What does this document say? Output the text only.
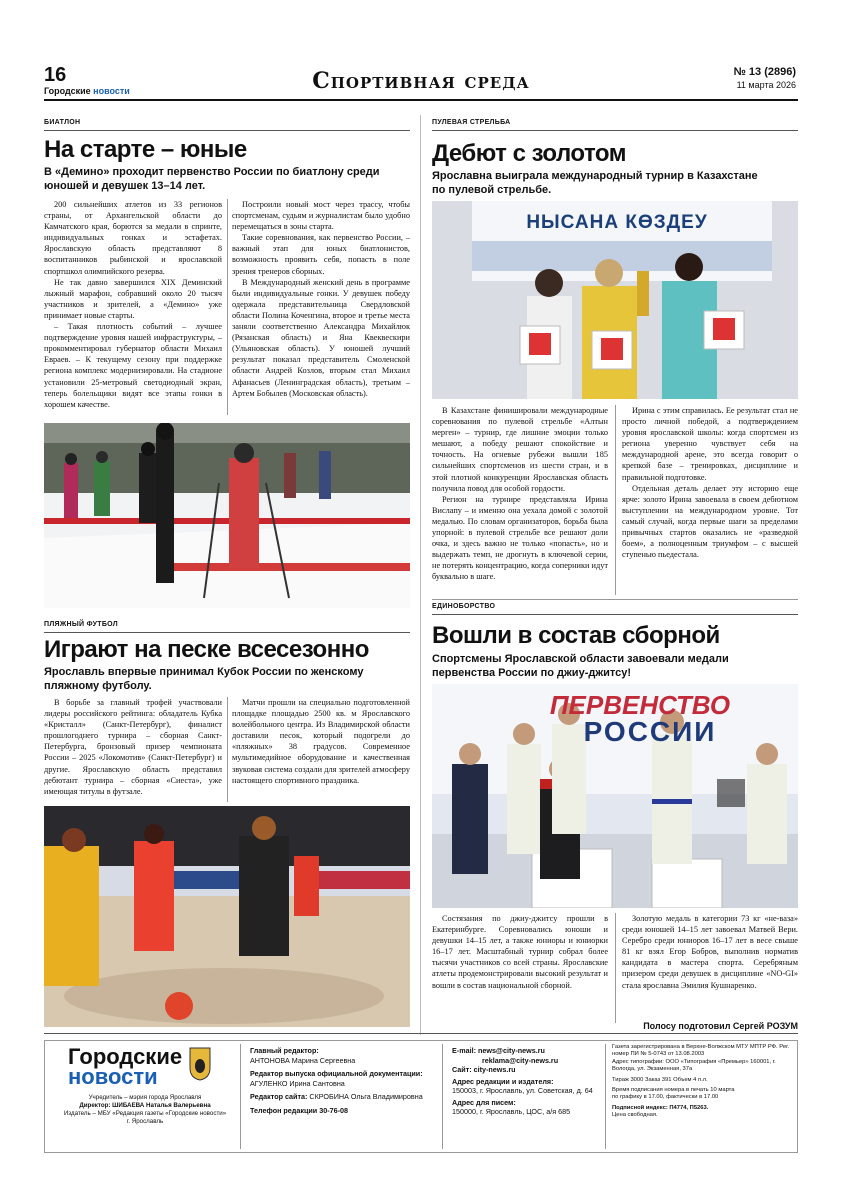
16
Городские новости	Спортивная среда	№ 13 (2896)
11 марта 2026
БИАТЛОН
На старте – юные
В «Демино» проходит первенство России по биатлону среди юношей и девушек 13–14 лет.

200 сильнейших атлетов из 33 регионов страны, от Архангельской области до Камчатского края, борются за медали в спринте, индивидуальных гонках и эстафетах. Ярославскую область представляют 8 воспитанников рыбинской и ярославской спортшкол олимпийского резерва.

Не так давно завершился XIX Деминский лыжный марафон, собравший около 20 тысяч участников и зрителей, а «Демино» уже принимает новые старты.

– Такая плотность событий – лучшее подтверждение уровня нашей инфраструктуры, – прокомментировал губернатор области Михаил Евраев. – К текущему сезону при поддержке региона комплекс модернизировали. На стадионе установили 25-метровый светодиодный экран, теперь болельщики видят все этапы гонки в хорошем качестве.

Построили новый мост через трассу, чтобы спортсменам, судьям и журналистам было удобно перемещаться в зоны старта.

Такие соревнования, как первенство России, – важный этап для юных биатлонистов, возможность проявить себя, попасть в поле зрения тренеров сборных.

В Международный женский день в программе были индивидуальные гонки. У девушек победу одержала представительница Свердловской области Полина Коченгина, второе и третье места заняли соответственно Александра Михайлюк (Рязанская область) и Яна Квеквескири (Ульяновская область). У юношей лучший результат показал представитель Смоленской области Андрей Козлов, вторым стал Михаил Афанасьев (Ленинградская область), третьим – Артем Бобылев (Московская область).

ПУЛЕВАЯ СТРЕЛЬБА
Дебют с золотом
Ярославна выиграла международный турнир в Казахстане по пулевой стрельбе.
НЫСАНА КӨЗДЕУ

В Казахстане финишировали международные соревнования по пулевой стрельбе «Алтын мерген» – турнир, где лишние эмоции только мешают, а победу решают спокойствие и точность. На огневые рубежи вышли 185 сильнейших спортсменов из шести стран, и в этой плотной конкуренции Ярославская область получила повод для особой гордости.

Регион на турнире представляла Ирина Вислапу – и именно она уехала домой с золотой медалью. По словам организаторов, борьба была упорной: в пулевой стрельбе все решают доли очка, и здесь важно не только «попасть», но и выдержать темп, не дрогнуть в ключевой серии, не потерять концентрацию, когда соперники идут буквально в шаге.

Ирина с этим справилась. Ее результат стал не просто личной победой, а подтверждением уровня ярославской школы: когда спортсмен из региона уверенно чувствует себя на международной арене, это всегда говорит о крепкой базе – тренировках, дисциплине и правильной подготовке.

Отдельная деталь делает эту историю еще ярче: золото Ирина завоевала в своем дебютном выступлении на международном уровне. Тот самый случай, когда первые шаги за пределами привычных стартов оказались не «разведкой боем», а полноценным триумфом – с высшей ступенью пьедестала.

ПЛЯЖНЫЙ ФУТБОЛ
Играют на песке всесезонно
Ярославль впервые принимал Кубок России по женскому пляжному футболу.

В борьбе за главный трофей участвовали лидеры российского рейтинга: обладатель Кубка «Кристалл» (Санкт-Петербург), финалист прошлогоднего турнира – сборная Санкт-Петербурга, бронзовый призер чемпионата России – 2025 «Локомотив» (Санкт-Петербург) и другие. Ярославскую область представил дебютант турнира – сборная «Сиеста», уже имеющая титулы в футзале.

Матчи прошли на специально подготовленной площадке площадью 2500 кв. м Ярославского волейбольного центра. Из Владимирской области доставили песок, который подогрели до «пляжных» 38 градусов. Современное мультимедийное оборудование и качественная звуковая система создали для зрителей атмосферу настоящего спортивного праздника.

ЕДИНОБОРСТВО
Вошли в состав сборной
Спортсмены Ярославской области завоевали медали первенства России по джиу-джитсу!
ПЕРВЕНСТВО
РОССИИ

Состязания по джиу-джитсу прошли в Екатеринбурге. Соревновались юноши и девушки 14–15 лет, а также юниоры и юниорки 16–17 лет. Масштабный турнир собрал более тысячи участников со всей страны. Ярославские атлеты продемонстрировали высокий результат и вошли в состав национальной сборной.

Золотую медаль в категории 73 кг «не-ваза» среди юношей 14–15 лет завоевал Матвей Вери. Серебро среди юниоров 16–17 лет в весе свыше 81 кг взял Егор Бобров, выполнив норматив кандидата в мастера спорта. Серебряным призером среди девушек в дисциплине «NO-GI» стала ярославна Эмилия Кушнаренко.

Полосу подготовил Сергей РОЗУМ
Городские
новости
Учредитель – мэрия города Ярославля
Директор: ШИБАЕВА Наталья Валерьевна
Издатель – МБУ «Редакция газеты «Городские новости»
г. Ярославль
Главный редактор:
АНТОНОВА Марина Сергеевна
Редактор выпуска официальной документации:
АГУЛЕНКО Ирина Сантовна
Редактор сайта: СКРОБИНА Ольга Владимировна
Телефон редакции 30-76-08
E-mail: news@city-news.ru
reklama@city-news.ru
Сайт: city-news.ru
Адрес редакции и издателя:
150003, г. Ярославль, ул. Советская, д. 64
Адрес для писем:
150000, г. Ярославль, ЦОС, а/я 685
Газета зарегистрирована в Верхне-Волжском МТУ МПТР РФ. Рег. номер ПИ № 5-0743 от 13.08.2003
Адрес типографии: ООО «Типография «Премьер» 160001, г. Вологда, ул. Экзаменная, 37а
Тираж 3000 Заказ 391 Объем 4 п.л.
Время подписания номера в печать 10 марта
по графику в 17.00, фактически в 17.00
Подписной индекс: П4774, П5263.
Цена свободная.
